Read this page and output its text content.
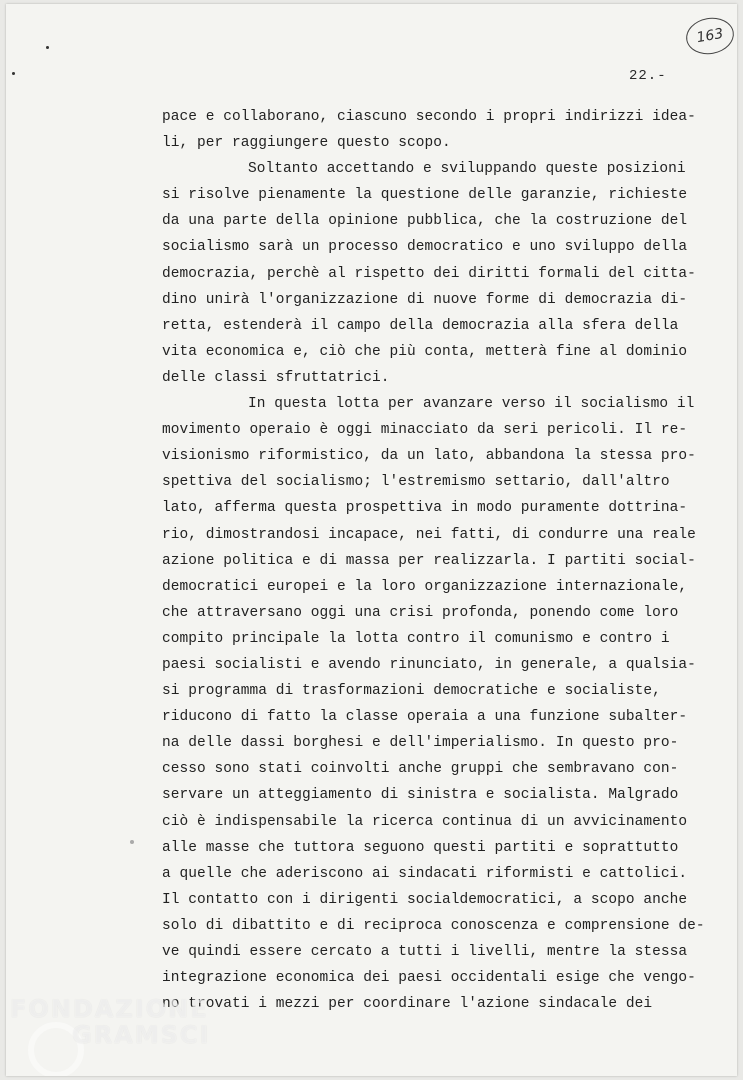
163
22.-
pace e collaborano, ciascuno secondo i propri indirizzi idea-
li, per raggiungere questo scopo.
Soltanto accettando e sviluppando queste posizioni
si risolve pienamente la questione delle garanzie, richieste
da una parte della opinione pubblica, che la costruzione del
socialismo sarà un processo democratico e uno sviluppo della
democrazia, perchè al rispetto dei diritti formali del citta-
dino unirà l'organizzazione di nuove forme di democrazia di-
retta, estenderà il campo della democrazia alla sfera della
vita economica e, ciò che più conta, metterà fine al dominio
delle classi sfruttatrici.
In questa lotta per avanzare verso il socialismo il
movimento operaio è oggi minacciato da seri pericoli. Il re-
visionismo riformistico, da un lato, abbandona la stessa pro-
spettiva del socialismo; l'estremismo settario, dall'altro
lato, afferma questa prospettiva in modo puramente dottrina-
rio, dimostrandosi incapace, nei fatti, di condurre una reale
azione politica e di massa per realizzarla. I partiti social-
democratici europei e la loro organizzazione internazionale,
che attraversano oggi una crisi profonda, ponendo come loro
compito principale la lotta contro il comunismo e contro i
paesi socialisti e avendo rinunciato, in generale, a qualsia-
si programma di trasformazioni democratiche e socialiste,
riducono di fatto la classe operaia a una funzione subalter-
na delle dassi borghesi e dell'imperialismo. In questo pro-
cesso sono stati coinvolti anche gruppi che sembravano con-
servare un atteggiamento di sinistra e socialista. Malgrado
ciò è indispensabile la ricerca continua di un avvicinamento
alle masse che tuttora seguono questi partiti e soprattutto
a quelle che aderiscono ai sindacati riformisti e cattolici.
Il contatto con i dirigenti socialdemocratici, a scopo anche
solo di dibattito e di reciproca conoscenza e comprensione de-
ve quindi essere cercato a tutti i livelli, mentre la stessa
integrazione economica dei paesi occidentali esige che vengo-
no trovati i mezzi per coordinare l'azione sindacale dei
FONDAZIONE
GRAMSCI
